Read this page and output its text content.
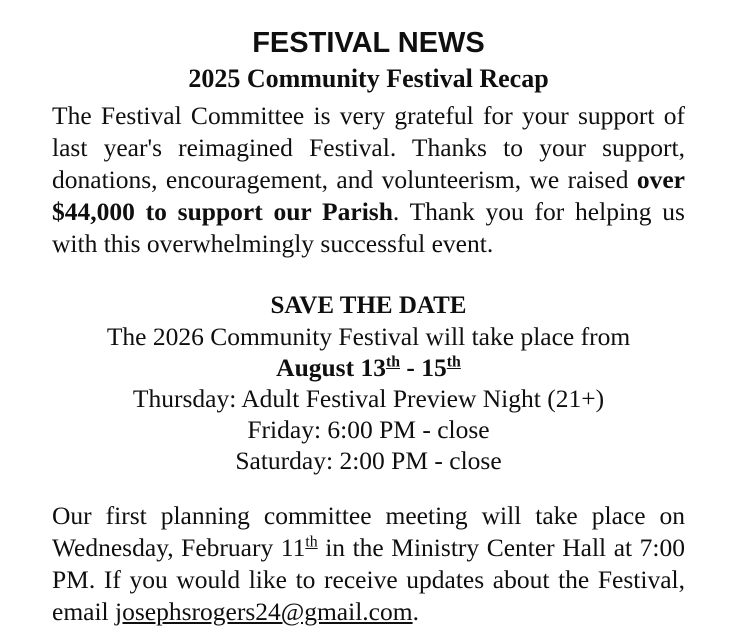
FESTIVAL NEWS
2025 Community Festival Recap

The Festival Committee is very grateful for your support of last year's reimagined Festival. Thanks to your support, donations, encouragement, and volunteerism, we raised over $44,000 to support our Parish. Thank you for helping us with this overwhelmingly successful event.

SAVE THE DATE

The 2026 Community Festival will take place from

August 13th - 15th

Thursday: Adult Festival Preview Night (21+)

Friday: 6:00 PM - close

Saturday: 2:00 PM - close

Our first planning committee meeting will take place on Wednesday, February 11th in the Ministry Center Hall at 7:00 PM. If you would like to receive updates about the Festival, email josephsrogers24@gmail.com.
